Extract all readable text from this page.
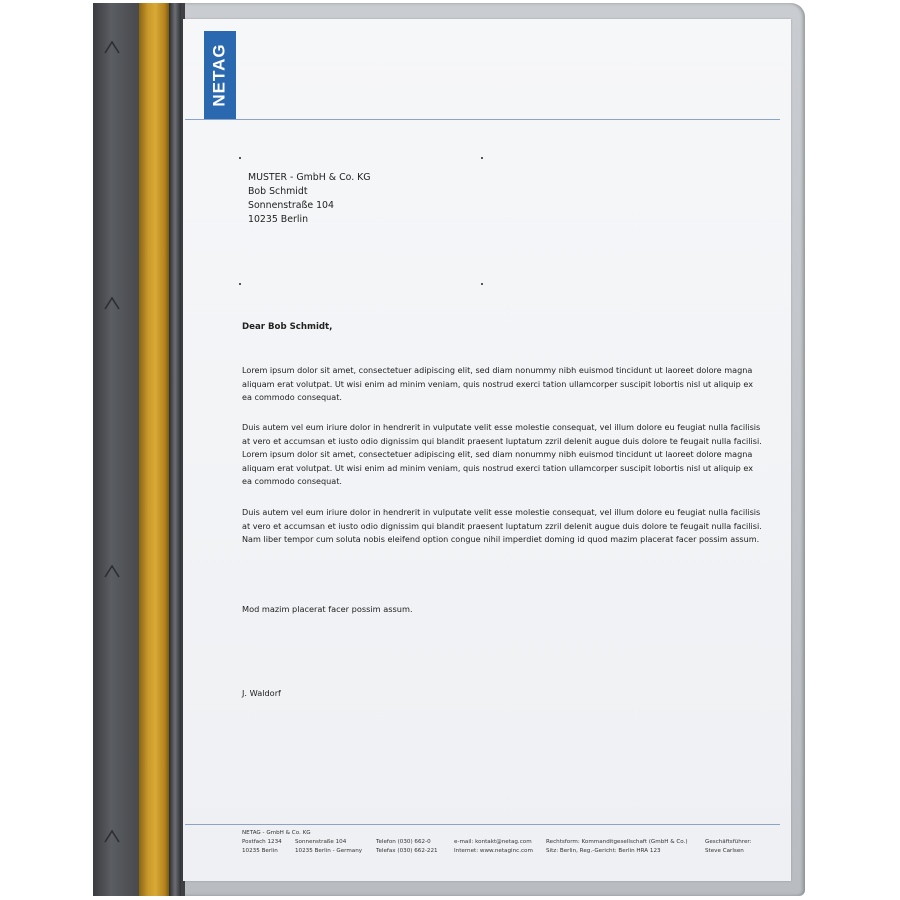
NETAG
MUSTER - GmbH & Co. KG
Bob Schmidt
Sonnenstraße 104
10235 Berlin
Dear Bob Schmidt,

Lorem ipsum dolor sit amet, consectetuer adipiscing elit, sed diam nonummy nibh euismod tincidunt ut laoreet dolore magna aliquam erat volutpat. Ut wisi enim ad minim veniam, quis nostrud exerci tation ullamcorper suscipit lobortis nisl ut aliquip ex ea commodo consequat.

Duis autem vel eum iriure dolor in hendrerit in vulputate velit esse molestie consequat, vel illum dolore eu feugiat nulla facilisis at vero et accumsan et iusto odio dignissim qui blandit praesent luptatum zzril delenit augue duis dolore te feugait nulla facilisi. Lorem ipsum dolor sit amet, consectetuer adipiscing elit, sed diam nonummy nibh euismod tincidunt ut laoreet dolore magna aliquam erat volutpat. Ut wisi enim ad minim veniam, quis nostrud exerci tation ullamcorper suscipit lobortis nisl ut aliquip ex ea commodo consequat.

Duis autem vel eum iriure dolor in hendrerit in vulputate velit esse molestie consequat, vel illum dolore eu feugiat nulla facilisis at vero et accumsan et iusto odio dignissim qui blandit praesent luptatum zzril delenit augue duis dolore te feugait nulla facilisi. Nam liber tempor cum soluta nobis eleifend option congue nihil imperdiet doming id quod mazim placerat facer possim assum.

Mod mazim placerat facer possim assum.
J. Waldorf
NETAG - GmbH & Co. KG
Postfach 1234
10235 Berlin

Sonnenstraße 104
10235 Berlin - Germany

Telefon (030) 662-0
Telefax (030) 662-221

e-mail: kontakt@netag.com
Internet: www.netaginc.com

Rechtsform: Kommanditgesellschaft (GmbH & Co.)
Sitz: Berlin, Reg.-Gericht: Berlin HRA 123

Geschäftsführer:
Steve Carlsen
